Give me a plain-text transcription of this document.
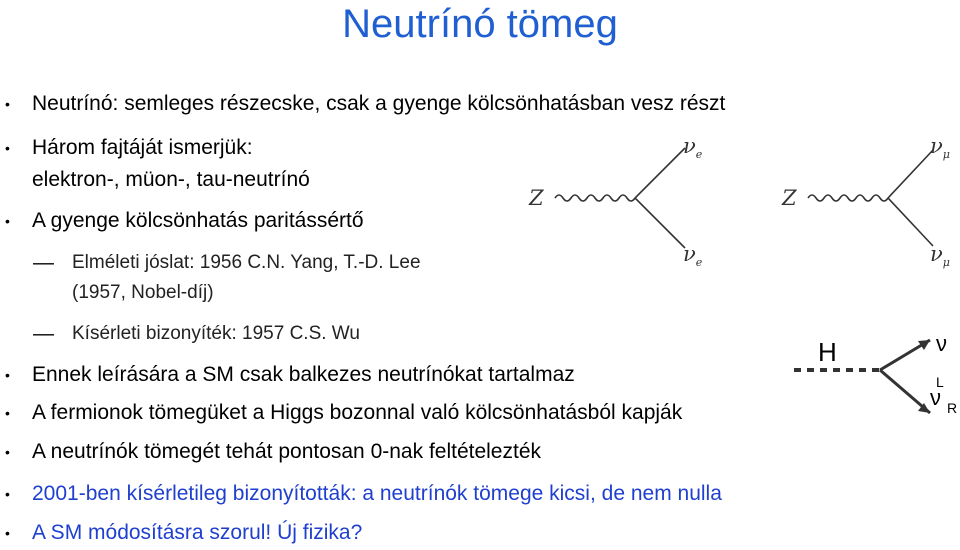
Neutrínó tömeg
• Neutrínó: semleges részecske, csak a gyenge kölcsönhatásban vesz részt
• Három fajtáját ismerjük:
elektron-, müon-, tau-neutrínó
• A gyenge kölcsönhatás paritássértő
— Elméleti jóslat: 1956 C.N. Yang, T.-D. Lee
(1957, Nobel-díj)
— Kísérleti bizonyíték: 1957 C.S. Wu
• Ennek leírására a SM csak balkezes neutrínókat tartalmaz
• A fermionok tömegüket a Higgs bozonnal való kölcsönhatásból kapják
• A neutrínók tömegét tehát pontosan 0-nak feltételezték
• 2001-ben kísérletileg bizonyították: a neutrínók tömege kicsi, de nem nulla
• A SM módosításra szorul! Új fizika?
Z
$\nu_e$
$\nu_e$
Z
$\nu_\mu$
$\nu_\mu$
H	ν
L
ν R
